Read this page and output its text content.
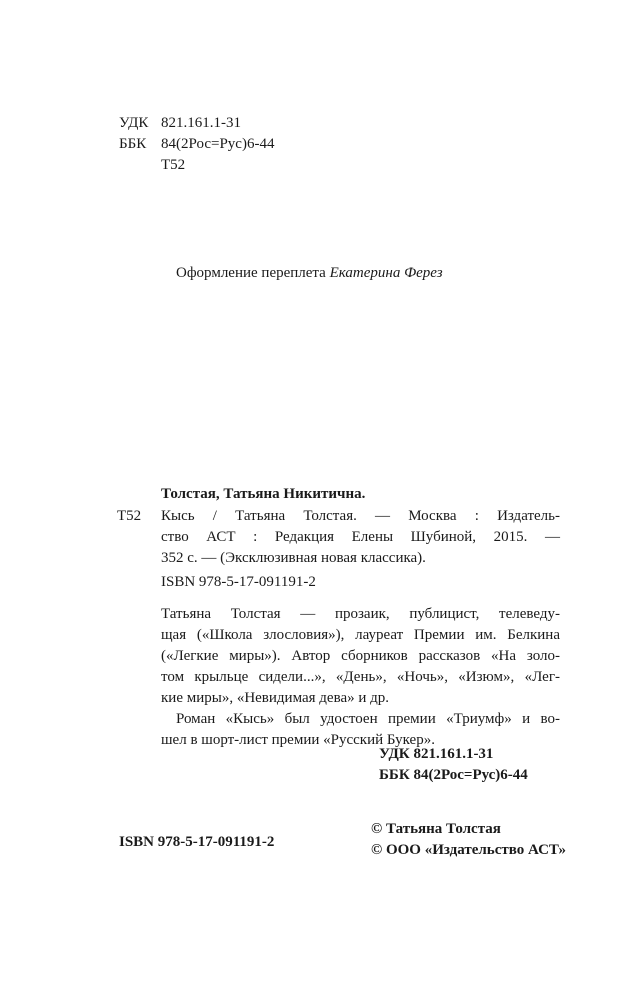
УДК 821.161.1-31
ББК 84(2Рос=Рус)6-44
Т52
Оформление переплета Екатерина Ферез
Толстая, Татьяна Никитична.
Т52 Кысь / Татьяна Толстая. — Москва : Издатель-
ство АСТ : Редакция Елены Шубиной, 2015. —
352 с. — (Эксклюзивная новая классика).
ISBN 978-5-17-091191-2
Татьяна Толстая — прозаик, публицист, телеведу-
щая («Школа злословия»), лауреат Премии им. Белкина
(«Легкие миры»). Автор сборников рассказов «На золо-
том крыльце сидели...», «День», «Ночь», «Изюм», «Лег-
кие миры», «Невидимая дева» и др.
Роман «Кысь» был удостоен премии «Триумф» и во-
шел в шорт-лист премии «Русский Букер».
УДК 821.161.1-31
ББК 84(2Рос=Рус)6-44
ISBN 978-5-17-091191-2
© Татьяна Толстая
© ООО «Издательство АСТ»
